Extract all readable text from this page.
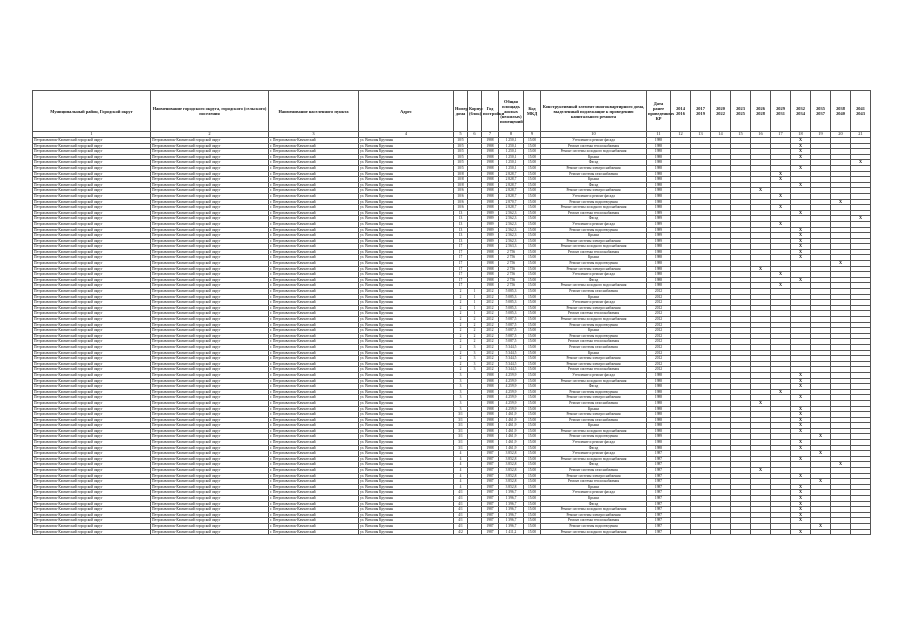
Муниципальный район, Городской округ	Наименование городского округа, городского (сельского) поселения	Наименование населенного пункта	Адрес	Номер дома	Корпус (блок)	Год постройки	Общая площадь жилых (нежилых) помещений	Код МКД	Конструктивный элемент многоквартирного дома, выделенный подлежащие к проведению капитального ремонта	Дата ранее проведенных КР	2014 2016	2017 2019	2020 2022	2023 2025	2026 2028	2029 2031	2032 2034	2035 2037	2038 2040	2041 2043
1	2	3	4	5	6	7	8	9	10	11	12	13	14	15	16	17	18	19	20	21
Петропавловск-Камчатский городской округ	Петропавловск-Камчатский городской округ	г. Петропавловск-Камчатский	ул. Виталия Кручины	10/5		1988	1 250,1	15.00	Утепление и ремонт фасада	1988							X			
Петропавловск-Камчатский городской округ	Петропавловск-Камчатский городской округ	г. Петропавловск-Камчатский	ул. Виталия Кручины	10/5		1988	1 250,1	15.00	Ремонт системы теплоснабжения	1988							X			
Петропавловск-Камчатский городской округ	Петропавловск-Камчатский городской округ	г. Петропавловск-Камчатский	ул. Виталия Кручины	10/5		1988	1 250,1	15.00	Ремонт системы холодного водоснабжения	1988							X			
Петропавловск-Камчатский городской округ	Петропавловск-Камчатский городской округ	г. Петропавловск-Камчатский	ул. Виталия Кручины	10/5		1988	1 250,1	15.00	Крыша	1988							X			
Петропавловск-Камчатский городской округ	Петропавловск-Камчатский городской округ	г. Петропавловск-Камчатский	ул. Виталия Кручины	10/5		1988	1 250,1	15.00	Фасад	1988										X
Петропавловск-Камчатский городской округ	Петропавловск-Камчатский городской округ	г. Петропавловск-Камчатский	ул. Виталия Кручины	10/5		1988	1 250,1	15.00	Ремонт системы электроснабжения	1988							X			
Петропавловск-Камчатский городской округ	Петропавловск-Камчатский городской округ	г. Петропавловск-Камчатский	ул. Виталия Кручины	10/8		1988	2 828,7	15.00	Ремонт системы газоснабжения	1988						X				
Петропавловск-Камчатский городской округ	Петропавловск-Камчатский городской округ	г. Петропавловск-Камчатский	ул. Виталия Кручины	10/8		1988	2 828,7	15.00	Крыша	1988						X				
Петропавловск-Камчатский городской округ	Петропавловск-Камчатский городской округ	г. Петропавловск-Камчатский	ул. Виталия Кручины	10/8		1988	2 828,7	15.00	Фасад	1988							X			
Петропавловск-Камчатский городской округ	Петропавловск-Камчатский городской округ	г. Петропавловск-Камчатский	ул. Виталия Кручины	10/6		1988	2 828,7	15.00	Ремонт системы электроснабжения	1988					X					
Петропавловск-Камчатский городской округ	Петропавловск-Камчатский городской округ	г. Петропавловск-Камчатский	ул. Виталия Кручины	10/6		1988	2 828,7	15.00	Утепление и ремонт фасада	1988						X				
Петропавловск-Камчатский городской округ	Петропавловск-Камчатский городской округ	г. Петропавловск-Камчатский	ул. Виталия Кручины	10/6		1988	2 870,7	15.00	Ремонт системы водоотведения	1988									X	
Петропавловск-Камчатский городской округ	Петропавловск-Камчатский городской округ	г. Петропавловск-Камчатский	ул. Виталия Кручины	10/6		1988	2 828,7	15.00	Ремонт системы холодного водоснабжения	1988						X				
Петропавловск-Камчатский городской округ	Петропавловск-Камчатский городской округ	г. Петропавловск-Камчатский	ул. Виталия Кручины	13		1989	2 562,3	15.00	Ремонт системы теплоснабжения	1989							X			
Петропавловск-Камчатский городской округ	Петропавловск-Камчатский городской округ	г. Петропавловск-Камчатский	ул. Виталия Кручины	13		1989	2 562,3	15.00	Фасад	1989										X
Петропавловск-Камчатский городской округ	Петропавловск-Камчатский городской округ	г. Петропавловск-Камчатский	ул. Виталия Кручины	13		1989	2 562,3	15.00	Утепление и ремонт фасада	1989						X				
Петропавловск-Камчатский городской округ	Петропавловск-Камчатский городской округ	г. Петропавловск-Камчатский	ул. Виталия Кручины	13		1989	2 562,3	15.00	Ремонт системы водоотведения	1989							X			
Петропавловск-Камчатский городской округ	Петропавловск-Камчатский городской округ	г. Петропавловск-Камчатский	ул. Виталия Кручины	13		1989	2 562,3	15.00	Крыша	1989							X			
Петропавловск-Камчатский городской округ	Петропавловск-Камчатский городской округ	г. Петропавловск-Камчатский	ул. Виталия Кручины	13		1989	2 562,3	15.00	Ремонт системы электроснабжения	1989							X			
Петропавловск-Камчатский городской округ	Петропавловск-Камчатский городской округ	г. Петропавловск-Камчатский	ул. Виталия Кручины	17		1988	2 563,3	15.00	Ремонт системы холодного водоснабжения	1988							X			
Петропавловск-Камчатский городской округ	Петропавловск-Камчатский городской округ	г. Петропавловск-Камчатский	ул. Виталия Кручины	17		1988	2 756	15.00	Ремонт системы теплоснабжения	1988							X			
Петропавловск-Камчатский городской округ	Петропавловск-Камчатский городской округ	г. Петропавловск-Камчатский	ул. Виталия Кручины	17		1988	2 756	15.00	Крыша	1988							X			
Петропавловск-Камчатский городской округ	Петропавловск-Камчатский городской округ	г. Петропавловск-Камчатский	ул. Виталия Кручины	17		1988	2 756	15.00	Ремонт системы водоотведения	1988									X	
Петропавловск-Камчатский городской округ	Петропавловск-Камчатский городской округ	г. Петропавловск-Камчатский	ул. Виталия Кручины	17		1988	2 756	15.00	Ремонт системы электроснабжения	1988					X					
Петропавловск-Камчатский городской округ	Петропавловск-Камчатский городской округ	г. Петропавловск-Камчатский	ул. Виталия Кручины	17		1988	2 756	15.00	Утепление и ремонт фасада	1988						X				
Петропавловск-Камчатский городской округ	Петропавловск-Камчатский городской округ	г. Петропавловск-Камчатский	ул. Виталия Кручины	17		1988	2 756	15.00	Фасад	1988							X			
Петропавловск-Камчатский городской округ	Петропавловск-Камчатский городской округ	г. Петропавловск-Камчатский	ул. Виталия Кручины	17		1988	2 756	15.00	Ремонт системы холодного водоснабжения	1988						X				
Петропавловск-Камчатский городской округ	Петропавловск-Камчатский городской округ	г. Петропавловск-Камчатский	ул. Виталия Кручины	2	1	2012	5 085,3	15.00	Ремонт системы газоснабжения	2012										
Петропавловск-Камчатский городской округ	Петропавловск-Камчатский городской округ	г. Петропавловск-Камчатский	ул. Виталия Кручины	2	1	2012	5 085,3	15.00	Крыша	2012										
Петропавловск-Камчатский городской округ	Петропавловск-Камчатский городской округ	г. Петропавловск-Камчатский	ул. Виталия Кручины	2	1	2012	5 085,3	15.00	Утепление и ремонт фасада	2012										
Петропавловск-Камчатский городской округ	Петропавловск-Камчатский городской округ	г. Петропавловск-Камчатский	ул. Виталия Кручины	2	1	2012	5 085,3	15.00	Ремонт системы электроснабжения	2012										
Петропавловск-Камчатский городской округ	Петропавловск-Камчатский городской округ	г. Петропавловск-Камчатский	ул. Виталия Кручины	2	1	2012	5 085,3	15.00	Ремонт системы теплоснабжения	2012										
Петропавловск-Камчатский городской округ	Петропавловск-Камчатский городской округ	г. Петропавловск-Камчатский	ул. Виталия Кручины	2	2	2012	5 087,5	15.00	Ремонт системы холодного водоснабжения	2012										
Петропавловск-Камчатский городской округ	Петропавловск-Камчатский городской округ	г. Петропавловск-Камчатский	ул. Виталия Кручины	2	2	2012	5 087,5	15.00	Ремонт системы водоотведения	2012										
Петропавловск-Камчатский городской округ	Петропавловск-Камчатский городской округ	г. Петропавловск-Камчатский	ул. Виталия Кручины	2	2	2012	5 087,5	15.00	Крыша	2012										
Петропавловск-Камчатский городской округ	Петропавловск-Камчатский городской округ	г. Петропавловск-Камчатский	ул. Виталия Кручины	2	2	2012	5 087,5	15.00	Ремонт системы водоотведения	2012										
Петропавловск-Камчатский городской округ	Петропавловск-Камчатский городской округ	г. Петропавловск-Камчатский	ул. Виталия Кручины	2	2	2012	5 087,5	15.00	Ремонт системы теплоснабжения	2012										
Петропавловск-Камчатский городской округ	Петропавловск-Камчатский городской округ	г. Петропавловск-Камчатский	ул. Виталия Кручины	2	3	2012	5 344,5	15.00	Ремонт системы газоснабжения	2012										
Петропавловск-Камчатский городской округ	Петропавловск-Камчатский городской округ	г. Петропавловск-Камчатский	ул. Виталия Кручины	2	3	2012	5 344,5	15.00	Крыша	2012										
Петропавловск-Камчатский городской округ	Петропавловск-Камчатский городской округ	г. Петропавловск-Камчатский	ул. Виталия Кручины	2	3	2012	5 344,5	15.00	Ремонт системы электроснабжения	2012										
Петропавловск-Камчатский городской округ	Петропавловск-Камчатский городской округ	г. Петропавловск-Камчатский	ул. Виталия Кручины	2	3	2012	5 344,5	15.00	Ремонт системы электроснабжения	2012										
Петропавловск-Камчатский городской округ	Петропавловск-Камчатский городской округ	г. Петропавловск-Камчатский	ул. Виталия Кручины	2	3	2012	5 344,5	15.00	Ремонт системы теплоснабжения	2012										
Петропавловск-Камчатский городской округ	Петропавловск-Камчатский городской округ	г. Петропавловск-Камчатский	ул. Виталия Кручины	3		1988	4 259,9	15.00	Утепление и ремонт фасада	1988							X			
Петропавловск-Камчатский городской округ	Петропавловск-Камчатский городской округ	г. Петропавловск-Камчатский	ул. Виталия Кручины	3		1988	4 259,9	15.00	Ремонт системы холодного водоснабжения	1988							X			
Петропавловск-Камчатский городской округ	Петропавловск-Камчатский городской округ	г. Петропавловск-Камчатский	ул. Виталия Кручины	3		1988	4 259,9	15.00	Фасад	1988							X			
Петропавловск-Камчатский городской округ	Петропавловск-Камчатский городской округ	г. Петропавловск-Камчатский	ул. Виталия Кручины	3		1988	4 259,9	15.00	Ремонт системы водоотведения	1988						X				
Петропавловск-Камчатский городской округ	Петропавловск-Камчатский городской округ	г. Петропавловск-Камчатский	ул. Виталия Кручины	3		1988	4 259,9	15.00	Ремонт системы электроснабжения	1988							X			
Петропавловск-Камчатский городской округ	Петропавловск-Камчатский городской округ	г. Петропавловск-Камчатский	ул. Виталия Кручины	3		1988	4 259,9	15.00	Ремонт системы газоснабжения	1988					X					
Петропавловск-Камчатский городской округ	Петропавловск-Камчатский городской округ	г. Петропавловск-Камчатский	ул. Виталия Кручины	3		1988	4 259,9	15.00	Крыша	1988							X			
Петропавловск-Камчатский городской округ	Петропавловск-Камчатский городской округ	г. Петропавловск-Камчатский	ул. Виталия Кручины	3/1		1988	1 461,9	15.00	Ремонт системы электроснабжения	1988							X			
Петропавловск-Камчатский городской округ	Петропавловск-Камчатский городской округ	г. Петропавловск-Камчатский	ул. Виталия Кручины	3/1		1988	1 461,9	15.00	Ремонт системы газоснабжения	1988							X			
Петропавловск-Камчатский городской округ	Петропавловск-Камчатский городской округ	г. Петропавловск-Камчатский	ул. Виталия Кручины	3/1		1988	1 461,9	15.00	Крыша	1988							X			
Петропавловск-Камчатский городской округ	Петропавловск-Камчатский городской округ	г. Петропавловск-Камчатский	ул. Виталия Кручины	3/1		1988	1 461,9	15.00	Ремонт системы холодного водоснабжения	1988							X			
Петропавловск-Камчатский городской округ	Петропавловск-Камчатский городской округ	г. Петропавловск-Камчатский	ул. Виталия Кручины	3/1		1988	1 461,9	15.00	Ремонт системы водоотведения	1989								X		
Петропавловск-Камчатский городской округ	Петропавловск-Камчатский городской округ	г. Петропавловск-Камчатский	ул. Виталия Кручины	3/1		1988	1 461,9	15.00	Утепление и ремонт фасада	1988							X			
Петропавловск-Камчатский городской округ	Петропавловск-Камчатский городской округ	г. Петропавловск-Камчатский	ул. Виталия Кручины	3/1		1988	1 461,9	15.00	Фасад	1988							X			
Петропавловск-Камчатский городской округ	Петропавловск-Камчатский городской округ	г. Петропавловск-Камчатский	ул. Виталия Кручины	4		1987	3 852,8	15.00	Утепление и ремонт фасада	1987								X		
Петропавловск-Камчатский городской округ	Петропавловск-Камчатский городской округ	г. Петропавловск-Камчатский	ул. Виталия Кручины	4		1987	3 852,8	15.00	Ремонт системы холодного водоснабжения	1987							X			
Петропавловск-Камчатский городской округ	Петропавловск-Камчатский городской округ	г. Петропавловск-Камчатский	ул. Виталия Кручины	4		1987	3 852,8	15.00	Фасад	1987									X	
Петропавловск-Камчатский городской округ	Петропавловск-Камчатский городской округ	г. Петропавловск-Камчатский	ул. Виталия Кручины	4		1987	3 852,8	15.00	Ремонт системы газоснабжения	1987					X					
Петропавловск-Камчатский городской округ	Петропавловск-Камчатский городской округ	г. Петропавловск-Камчатский	ул. Виталия Кручины	4		1987	3 852,8	15.00	Ремонт системы электроснабжения	1987							X			
Петропавловск-Камчатский городской округ	Петропавловск-Камчатский городской округ	г. Петропавловск-Камчатский	ул. Виталия Кручины	4		1987	3 852,8	15.00	Ремонт системы теплоснабжения	1987								X		
Петропавловск-Камчатский городской округ	Петропавловск-Камчатский городской округ	г. Петропавловск-Камчатский	ул. Виталия Кручины	4		1987	3 852,8	15.00	Крыша	1987							X			
Петропавловск-Камчатский городской округ	Петропавловск-Камчатский городской округ	г. Петропавловск-Камчатский	ул. Виталия Кручины	4/1		1987	1 396,7	15.00	Утепление и ремонт фасада	1987							X			
Петропавловск-Камчатский городской округ	Петропавловск-Камчатский городской округ	г. Петропавловск-Камчатский	ул. Виталия Кручины	4/1		1987	1 396,7	15.00	Крыша	1987							X			
Петропавловск-Камчатский городской округ	Петропавловск-Камчатский городской округ	г. Петропавловск-Камчатский	ул. Виталия Кручины	4/1		1987	1 396,7	15.00	Фасад	1987							X			
Петропавловск-Камчатский городской округ	Петропавловск-Камчатский городской округ	г. Петропавловск-Камчатский	ул. Виталия Кручины	4/1		1987	1 396,7	15.00	Ремонт системы холодного водоснабжения	1987							X			
Петропавловск-Камчатский городской округ	Петропавловск-Камчатский городской округ	г. Петропавловск-Камчатский	ул. Виталия Кручины	4/1		1987	1 396,7	15.00	Ремонт системы электроснабжения	1987							X			
Петропавловск-Камчатский городской округ	Петропавловск-Камчатский городской округ	г. Петропавловск-Камчатский	ул. Виталия Кручины	4/1		1987	1 396,7	15.00	Ремонт системы теплоснабжения	1987							X			
Петропавловск-Камчатский городской округ	Петропавловск-Камчатский городской округ	г. Петропавловск-Камчатский	ул. Виталия Кручины	4/1		1987	1 396,7	15.00	Ремонт системы водоотведения	1987								X		
Петропавловск-Камчатский городской округ	Петропавловск-Камчатский городской округ	г. Петропавловск-Камчатский	ул. Виталия Кручины	4/2		1987	1 411,2	15.00	Ремонт системы холодного водоснабжения	1987							X			
